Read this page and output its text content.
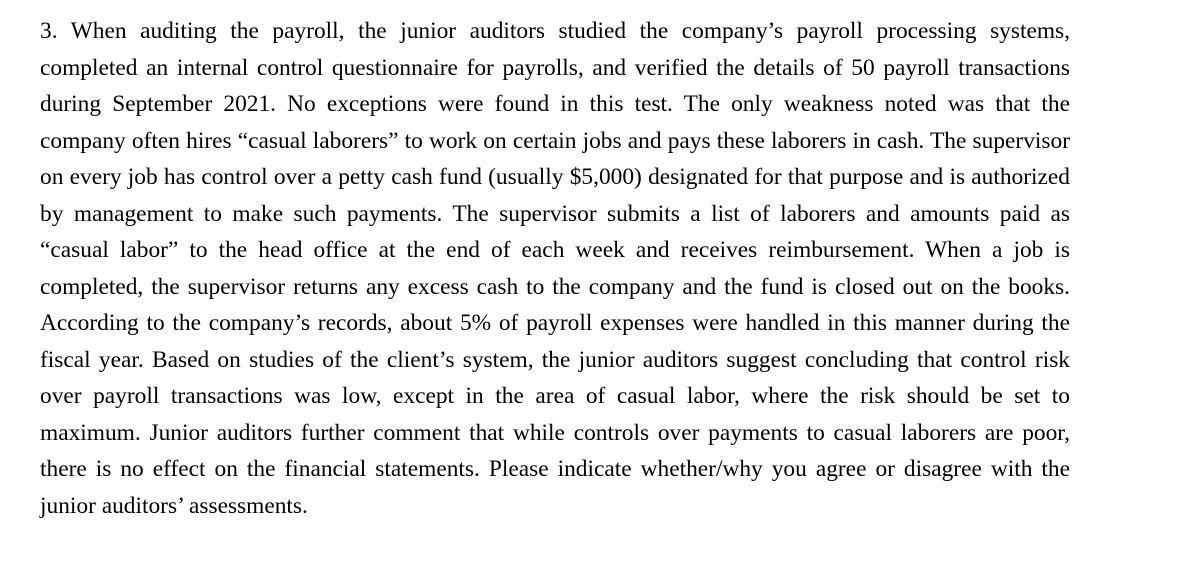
3. When auditing the payroll, the junior auditors studied the company’s payroll processing systems, completed an internal control questionnaire for payrolls, and verified the details of 50 payroll transactions during September 2021. No exceptions were found in this test. The only weakness noted was that the company often hires “casual laborers” to work on certain jobs and pays these laborers in cash. The supervisor on every job has control over a petty cash fund (usually $5,000) designated for that purpose and is authorized by management to make such payments. The supervisor submits a list of laborers and amounts paid as “casual labor” to the head office at the end of each week and receives reimbursement. When a job is completed, the supervisor returns any excess cash to the company and the fund is closed out on the books. According to the company’s records, about 5% of payroll expenses were handled in this manner during the fiscal year. Based on studies of the client’s system, the junior auditors suggest concluding that control risk over payroll transactions was low, except in the area of casual labor, where the risk should be set to maximum. Junior auditors further comment that while controls over payments to casual laborers are poor, there is no effect on the financial statements. Please indicate whether/why you agree or disagree with the junior auditors’ assessments.
